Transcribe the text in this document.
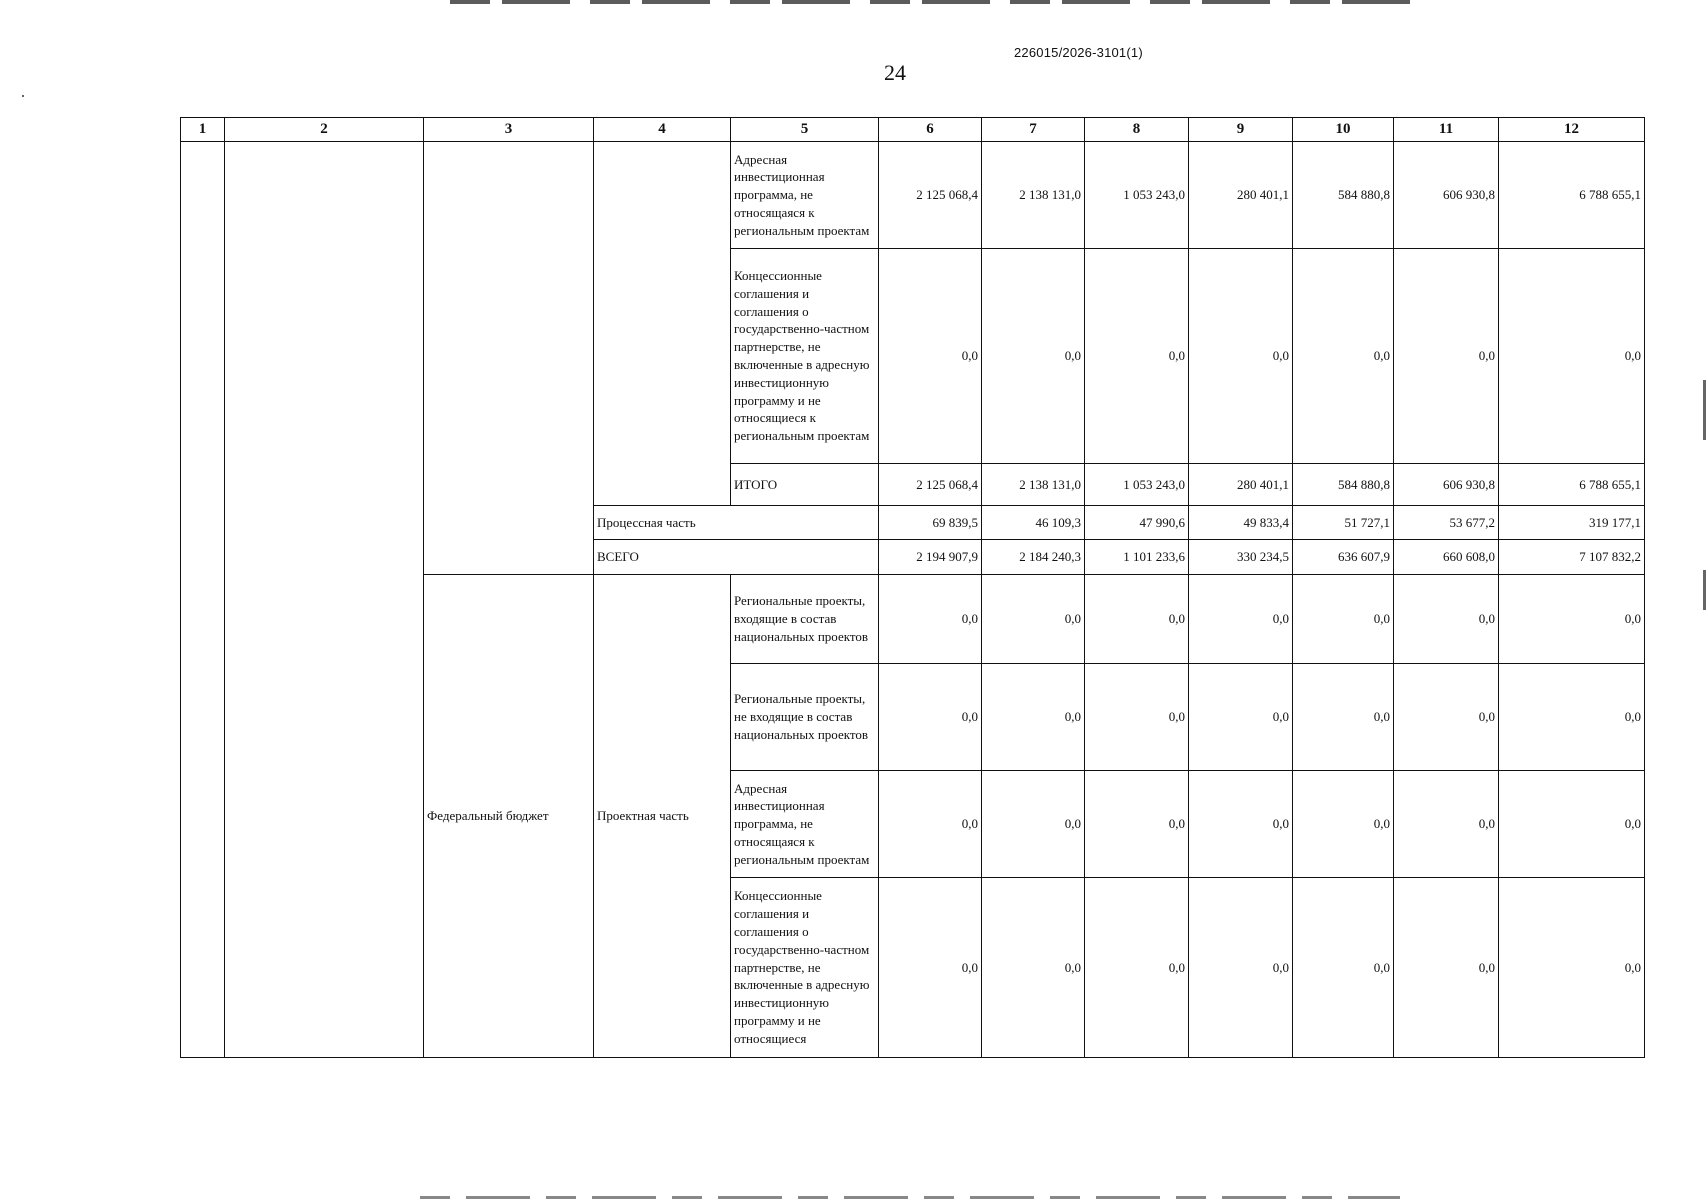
226015/2026-3101(1)
24
1	2	3	4	5	6	7	8	9	10	11	12
				Адресная инвестиционная программа, не относящаяся к региональным проектам	2 125 068,4	2 138 131,0	1 053 243,0	280 401,1	584 880,8	606 930,8	6 788 655,1
				Концессионные соглашения и соглашения о государственно-частном партнерстве, не включенные в адресную инвестиционную программу и не относящиеся к региональным проектам	0,0	0,0	0,0	0,0	0,0	0,0	0,0
				ИТОГО	2 125 068,4	2 138 131,0	1 053 243,0	280 401,1	584 880,8	606 930,8	6 788 655,1
			Процессная часть		69 839,5	46 109,3	47 990,6	49 833,4	51 727,1	53 677,2	319 177,1
			ВСЕГО		2 194 907,9	2 184 240,3	1 101 233,6	330 234,5	636 607,9	660 608,0	7 107 832,2
		Федеральный бюджет	Проектная часть	Региональные проекты, входящие в состав национальных проектов	0,0	0,0	0,0	0,0	0,0	0,0	0,0
				Региональные проекты, не входящие в состав национальных проектов	0,0	0,0	0,0	0,0	0,0	0,0	0,0
				Адресная инвестиционная программа, не относящаяся к региональным проектам	0,0	0,0	0,0	0,0	0,0	0,0	0,0
				Концессионные соглашения и соглашения о государственно-частном партнерстве, не включенные в адресную инвестиционную программу и не относящиеся	0,0	0,0	0,0	0,0	0,0	0,0	0,0
